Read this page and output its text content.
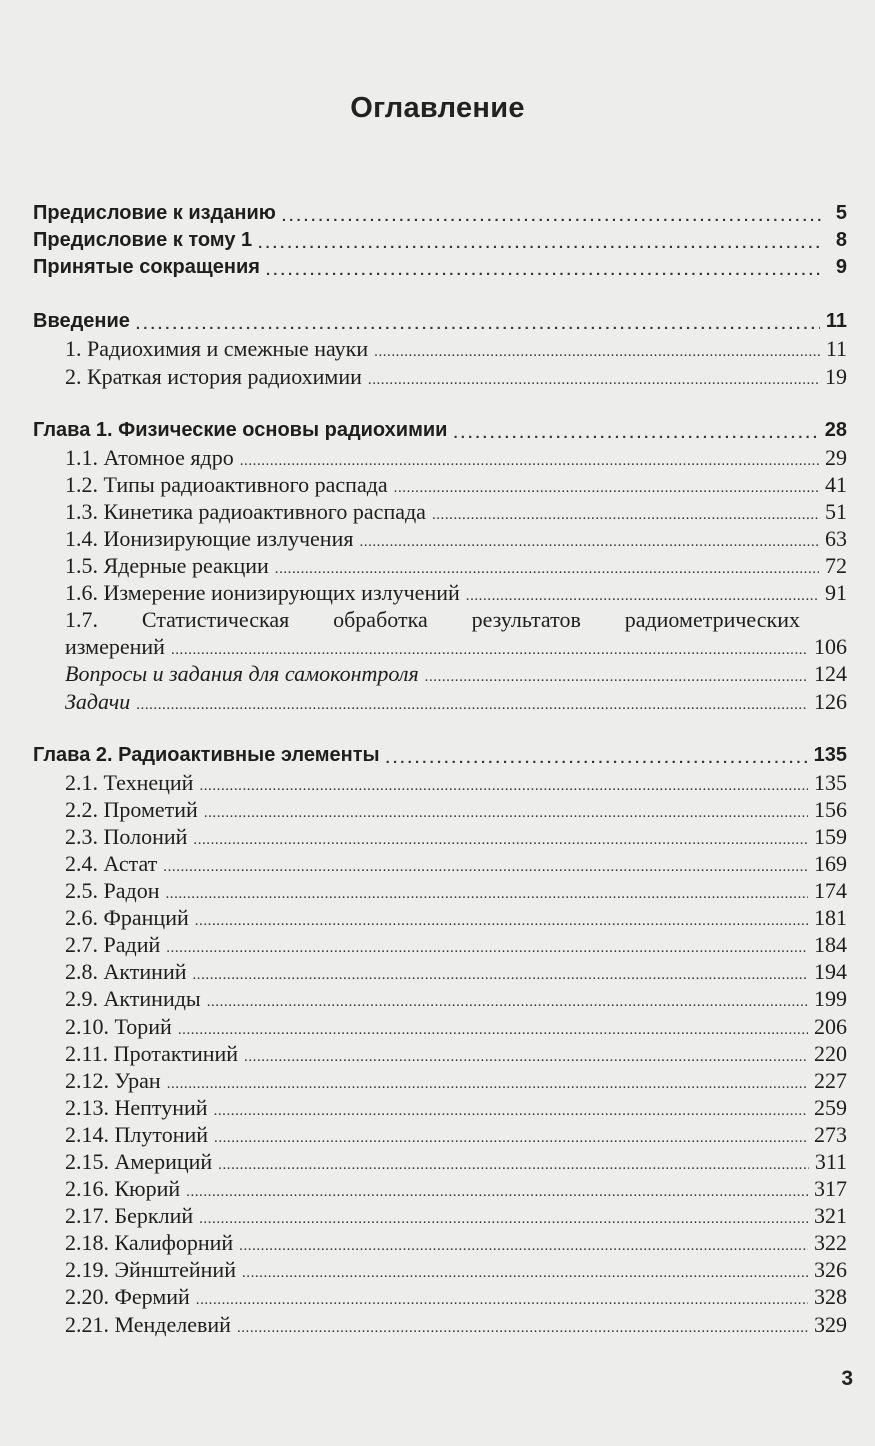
Оглавление
Предисловие к изданию . . .	5
Предисловие к тому 1 . . .	8
Принятые сокращения . . .	9
Введение . . .	11
1. Радиохимия и смежные науки . . .	11
2. Краткая история радиохимии . . .	19
Глава 1. Физические основы радиохимии . . .	28
1.1. Атомное ядро . . .	29
1.2. Типы радиоактивного распада . . .	41
1.3. Кинетика радиоактивного распада . . .	51
1.4. Ионизирующие излучения . . .	63
1.5. Ядерные реакции . . .	72
1.6. Измерение ионизирующих излучений . . .	91
1.7. Статистическая обработка результатов радиометрических
измерений . . .	106
Вопросы и задания для самоконтроля . . .	124
Задачи . . .	126
Глава 2. Радиоактивные элементы . . .	135
2.1. Технеций . . .	135
2.2. Прометий . . .	156
2.3. Полоний . . .	159
2.4. Астат . . .	169
2.5. Радон . . .	174
2.6. Франций . . .	181
2.7. Радий . . .	184
2.8. Актиний . . .	194
2.9. Актиниды . . .	199
2.10. Торий . . .	206
2.11. Протактиний . . .	220
2.12. Уран . . .	227
2.13. Нептуний . . .	259
2.14. Плутоний . . .	273
2.15. Америций . . .	311
2.16. Кюрий . . .	317
2.17. Берклий . . .	321
2.18. Калифорний . . .	322
2.19. Эйнштейний . . .	326
2.20. Фермий . . .	328
2.21. Менделевий . . .	329
3
